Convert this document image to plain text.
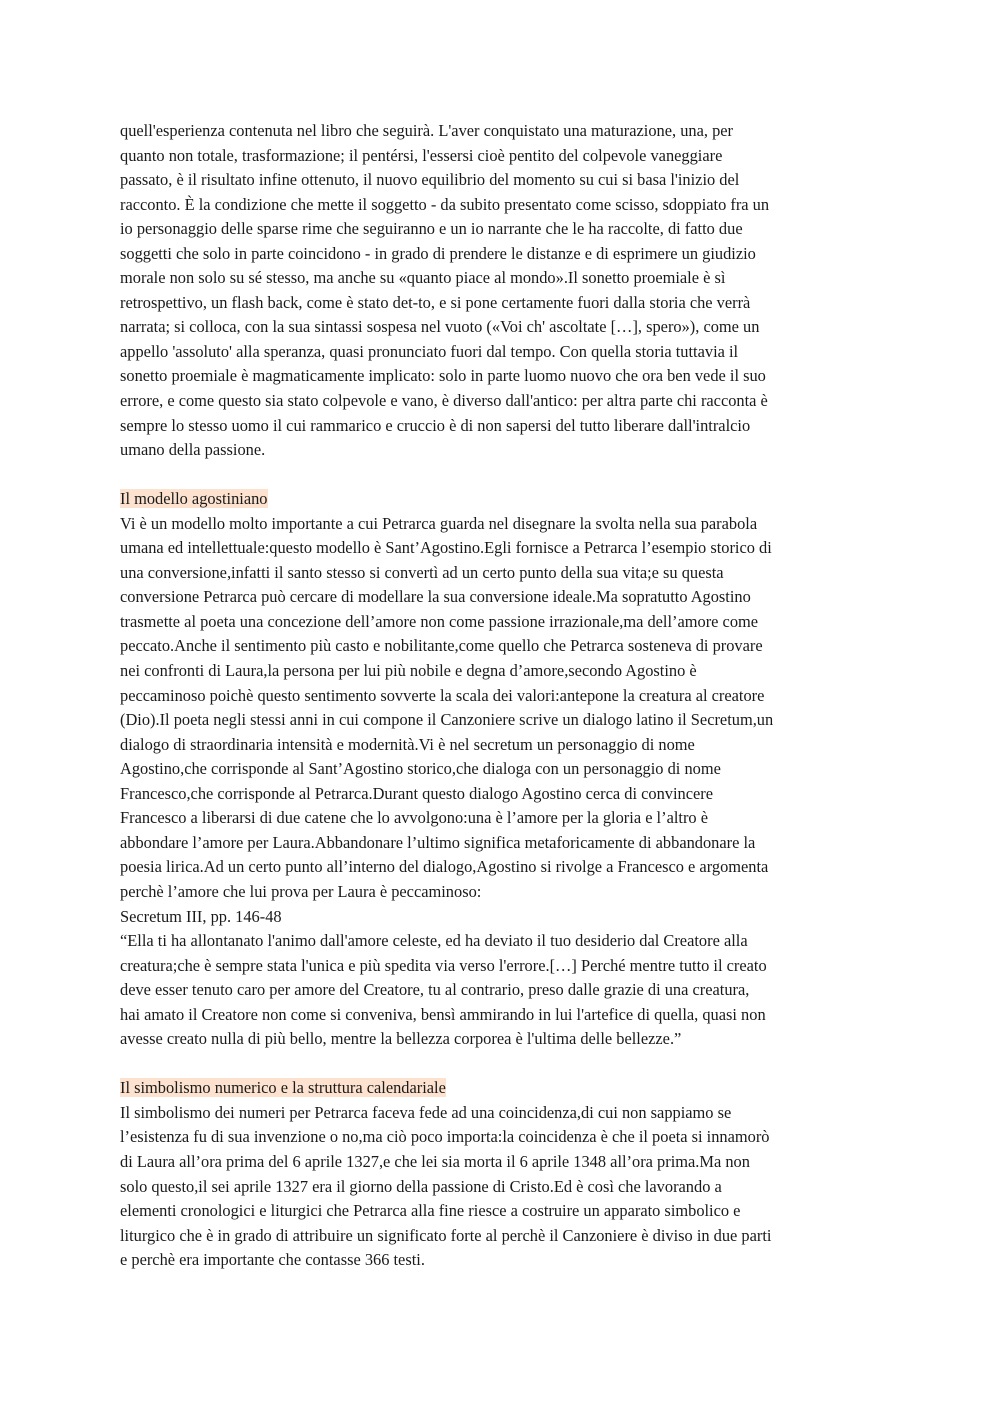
quell'esperienza contenuta nel libro che seguirà. L'aver conquistato una maturazione, una, per
quanto non totale, trasformazione; il pentérsi, l'essersi cioè pentito del colpevole vaneggiare
passato, è il risultato infine ottenuto, il nuovo equilibrio del momento su cui si basa l'inizio del
racconto. È la condizione che mette il soggetto - da subito presentato come scisso, sdoppiato fra un
io personaggio delle sparse rime che seguiranno e un io narrante che le ha raccolte, di fatto due
soggetti che solo in parte coincidono - in grado di prendere le distanze e di esprimere un giudizio
morale non solo su sé stesso, ma anche su «quanto piace al mondo».Il sonetto proemiale è sì
retrospettivo, un flash back, come è stato det-to, e si pone certamente fuori dalla storia che verrà
narrata; si colloca, con la sua sintassi sospesa nel vuoto («Voi ch' ascoltate […], spero»), come un
appello 'assoluto' alla speranza, quasi pronunciato fuori dal tempo. Con quella storia tuttavia il
sonetto proemiale è magmaticamente implicato: solo in parte luomo nuovo che ora ben vede il suo
errore, e come questo sia stato colpevole e vano, è diverso dall'antico: per altra parte chi racconta è
sempre lo stesso uomo il cui rammarico e cruccio è di non sapersi del tutto liberare dall'intralcio
umano della passione.
Il modello agostiniano
Vi è un modello molto importante a cui Petrarca guarda nel disegnare la svolta nella sua parabola
umana ed intellettuale:questo modello è Sant’Agostino.Egli fornisce a Petrarca l’esempio storico di
una conversione,infatti il santo stesso si convertì ad un certo punto della sua vita;e su questa
conversione Petrarca può cercare di modellare la sua conversione ideale.Ma sopratutto Agostino
trasmette al poeta una concezione dell’amore non come passione irrazionale,ma dell’amore come
peccato.Anche il sentimento più casto e nobilitante,come quello che Petrarca sosteneva di provare
nei confronti di Laura,la persona per lui più nobile e degna d’amore,secondo Agostino è
peccaminoso poichè questo sentimento sovverte la scala dei valori:antepone la creatura al creatore
(Dio).Il poeta negli stessi anni in cui compone il Canzoniere scrive un dialogo latino il Secretum,un
dialogo di straordinaria intensità e modernità.Vi è nel secretum un personaggio di nome
Agostino,che corrisponde al Sant’Agostino storico,che dialoga con un personaggio di nome
Francesco,che corrisponde al Petrarca.Durant questo dialogo Agostino cerca di convincere
Francesco a liberarsi di due catene che lo avvolgono:una è l’amore per la gloria e l’altro è
abbondare l’amore per Laura.Abbandonare l’ultimo significa metaforicamente di abbandonare la
poesia lirica.Ad un certo punto all’interno del dialogo,Agostino si rivolge a Francesco e argomenta
perchè l’amore che lui prova per Laura è peccaminoso:
Secretum III, pp. 146-48
“Ella ti ha allontanato l'animo dall'amore celeste, ed ha deviato il tuo desiderio dal Creatore alla
creatura;che è sempre stata l'unica e più spedita via verso l'errore.[…] Perché mentre tutto il creato
deve esser tenuto caro per amore del Creatore, tu al contrario, preso dalle grazie di una creatura,
hai amato il Creatore non come si conveniva, bensì ammirando in lui l'artefice di quella, quasi non
avesse creato nulla di più bello, mentre la bellezza corporea è l'ultima delle bellezze.”
Il simbolismo numerico e la struttura calendariale
Il simbolismo dei numeri per Petrarca faceva fede ad una coincidenza,di cui non sappiamo se
l’esistenza fu di sua invenzione o no,ma ciò poco importa:la coincidenza è che il poeta si innamorò
di Laura all’ora prima del 6 aprile 1327,e che lei sia morta il 6 aprile 1348 all’ora prima.Ma non
solo questo,il sei aprile 1327 era il giorno della passione di Cristo.Ed è così che lavorando a
elementi cronologici e liturgici che Petrarca alla fine riesce a costruire un apparato simbolico e
liturgico che è in grado di attribuire un significato forte al perchè il Canzoniere è diviso in due parti
e perchè era importante che contasse 366 testi.
